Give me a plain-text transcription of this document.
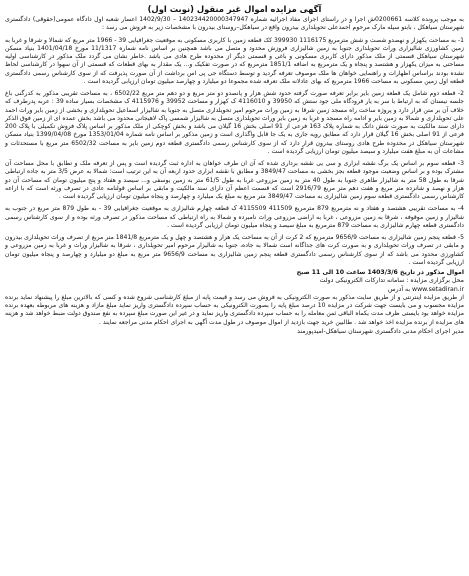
آگهی مزایده اموال غیر منقول (نوبت اول)

به موجب پرونده کلاسه 0200661ش اجرا و در راستای اجرای مفاد اجرائیه شماره 140234420000347947 – 1402/9/30 اعسار شعبه اول دادگاه عمومی(حقوقی) دادگستری شهرستان سیاهکل ، بابتو سیله مارک مرحوم احمدعلی تحویلداری بیدرون واقع در سیاهکل–روستای بیدرون با مشخصات زیر به فروش می رسد :

1- به مساحت یکهزار و نهصدو شصت و شش مترمربع 1116175 399930 کک قطعه زمین با کاربری مسکونی به موقعیت جغرافیایی 39 - 1966 متر مربع که شمالا و شرقا و غربا به زمین کشاورزی شالیزاری وراث تحویلداری جنوبا به زمین شالیزاری فروزش محدود و متصل می باشد همچنین بر اساس نامه شماره 11/1317 مورخ 1401/04/18 بنیاد مسکن شهرستان سیاهکل قسمتی از ملک مذکور دارای کاربری مسکونی و باغی و قسمتی دیگر از محدوده طرح هادی می باشد .خاطر نشان می گردد ملک مذکور در کارشناسی اولیه مساحتی به میزان یکهزار و هشتصد و پنجاه و یک مترمربع به اضافه 1851/1 مترمربع که در صورت تفکیک و... یک مقدار به بهای قطعات که قسمتی از آن سهوا در کارشناسی لحاظ نشده بودند براساس اظهارات و راهنمایی خواهان ها ملک موصوف تعرفه گردید و توسط دستگاه جی پی اس برداشت از آن صورت پذیرفت که از سوی کارشناس رسمی دادگستری قطعه اول زمین مسکونی به مساحت 1966 مترمربع که بهای عادلانه ملک تعرفه شده مجموعا دو میلیارد و چهارصد میلیون تومان ارزیابی گردیده است .

2- قطعه دوم شامل یک قطعه زمین بایر برابر تعرفه صورت گرفته حدود شش هزار و پانصدو دو متر مربع و دو دهم متر مربع 6502/22 ، به مساحت تقریبی مذکور به کدرگنی باغ جلسه نیستان که به ارتباط با سر به یار فرودگاه ملی جود ستش که 39950 و 4116010 ک کهزار و مساحت 39952 و 4115976 ک مشخصات بسیار ساده 39 : عربه پدرطرف که خلاف آن بر متن قرار دارد و پروژه ساخت راه مسجد زمین شرقا به زمین وراث مرحوم امیر تحویلداری متصل به جنوبا به شالیزار اسماعیل تحویلداری و بخشی از زمین بایر وراث احمد علی تحویلداری و شمالا به زمین بایر و ادامه راه مسجد و غربا به زمین بایر وراث تحویلداری متصل به شالیزار شمسی پاک لاهیجانی محدود می باشد بخش عمده ای از زمین فوق الذکر دارای سند مالکیت به صورت شش دانگ به شماره پلاک 163 فرعی از 91 اصلی بخش 16 گیلان می باشد و بخش کوچکی از ملک مذکور بر اساس پلاک فروش تکمیلی با پلاک 200 فرعی از 91 اصلی بخش 16 گیلان قرار دارد که مطابق رویه جاری به یک جا قابل واگذاری است و زمین مذکور بر اساس نامه شماره 1353/01/04 مورخ 1399/04/08 بنیاد مسکن شهرستان سیاهکل در محدوده طرح هادی روستای بیدرون قرار دارد که از سوی کارشناس رسمی دادگستری قطعه دوم زمین بایر به مساحت 6502/32 متر مربع با مستحدثات و مشاعات آن به مبلغ هفت میلیارد و سیصد میلیون تومان ارزیابی گردیده است .

3- قطعه سوم بر اساس یک برگ نقشه ابزاری و سی یی نقشه برداری شده که آن ان طرف خواهان به اداره ثبت گردیده است و پس از تعرفه ملک و تطابق با محل مساحت آن مشترک بوده و بر اساس وضعیت موجود قطعه بجز بخشی به مساحت 3849/47 و مطابق با نقشه ابزاری حدود اربعه آن به این ترتیب است: شمالا به عرض 3/5 متر به جاده ارتباطی شرقا به طول 58 متر به شالیزار طاهری جنوبا به طول 40 متر به زمین مزروعی غربا به طول 61/5 متر به زمین یوسفی و... سیصد و هفتاد و پنج میلیون تومان که مساحت آن دو هزار و نهصد و شانزده متر مربع و هفت دهم متر مربع 2916/79 است که قسمت اعظم آن دارای سند مالکیت و مابقی بر اساس قولنامه عادی در تصرف ورثه است که با اراعه کارشناس رسمی دادگستری قطعه سوم زمین شالیزاری به مساحت 3849/47 متر مربع به مبلغ یک میلیارد و چهارصد و پنجاه میلیون تومان ارزیابی گردیده است .

4- به مساحت تقریبی هشتصد و هفتاد و نه مترمربع 879 مترمربع 411509 4115509 ک قطعه چهارم شالیزاری به موقعیت جغرافیایی 39 - به طول 879 متر مربع در جنوب به شالیزار و زمین موقوفه ، شرقا به زمین مزروعی ، غربا به اراضی مزروعی وراث نامبرده و شمالا به راه ارتباطی که مساحت مذکور در تصرف ورثه بوده و از سوی کارشناس رسمی دادگستری قطعه چهارم شالیزاری به مساحت 879 مترمربع به مبلغ سیصد و پنجاه میلیون تومان ارزیابی گردیده است .

5- قطعه پنجم زمین شالیزاری به مساحت 9656/9 مترمربع که 2 کرت از آن به مساحت یک هزار و هشتصد و چهل و یک مترمربع 1841/8 متر مربع از تصرف وراث تحویلداری بیدرون و مابقی در تصرف وراث تحویلداری و به صورت کرت های جداگانه است شمالا به جاده، جنوبا به شالیزار مرحوم امیر تحویلداری ، شرقا به شالیزار وراث و غربا به زمین مزروعی و کشاورزی محدود می باشد که از سوی کارشناس رسمی دادگستری قطعه پنجم زمین شالیزاری به مساحت 9656/9 متر مربع به مبلغ دو میلیارد و چهارصد و پنجاه میلیون تومان ارزیابی گردیده است .

اموال مذکور در تاریخ 1403/3/6 ساعت 10 الی 11 صبح

محل برگزاری مزایده : سامانه تدارکات الکترونیکی دولت

به آدرس www.setadiran.ir

از طریق مزایده اینترنتی و از طریق سایت مذکور به صورت الکترونیکی به فروش می رسد و قیمت پایه از مبلغ کارشناسی شروع شده و کسی که بالاترین مبلغ را پیشنهاد نماید برنده مزایده محسوب و می بایست جهت شرکت در مزایده 10 درصد مبلغ پایه را بصورت الکترونیکی به حساب سپرده دادگستری واریز نماید مبلغ مازاد و هزینه های مربوطه بعهده برنده مزایده خواهد بود بایستی ظرف مدت یکماه الباقی ثمن معامله را به حساب سپرده دادگستری واریز نماید و در غیر این صورت مبلغ سپرده به نفع صندوق دولت ضبط خواهد شد و هزینه های مزایده از برنده مزایده اخذ خواهد شد . طالبین خرید جهت بازدید از اموال موصوف در طول مدت آگهی به اجرای احکام مدنی مراجعه نمایند .

مدیر اجرای احکام مدنی دادگستری شهرستان سیاهکل-امیدپورمند
